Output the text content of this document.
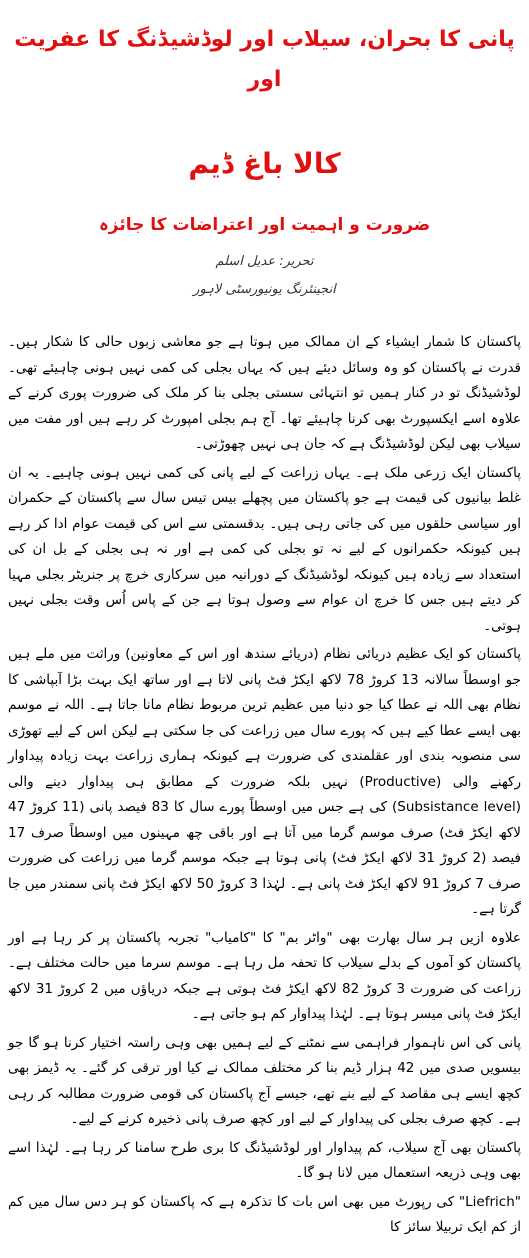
پانی کا بحران، سیلاب اور لوڈشیڈنگ کا عفریت اور
کالا باغ ڈیم
ضرورت و اہمیت اور اعتراضات کا جائزہ

تحریر: عدیل اسلم

انجینئرنگ یونیورسٹی لاہور

پاکستان کا شمار ایشیاء کے ان ممالک میں ہوتا ہے جو معاشی زبوں حالی کا شکار ہیں۔ قدرت نے پاکستان کو وہ وسائل دیئے ہیں کہ یہاں بجلی کی کمی نہیں ہونی چاہیئے تھی۔ لوڈشیڈنگ تو در کنار ہمیں تو انتہائی سستی بجلی بنا کر ملک کی ضرورت پوری کرنے کے علاوہ اسے ایکسپورٹ بھی کرنا چاہیئے تھا۔ آج ہم بجلی امپورٹ کر رہے ہیں اور مفت میں سیلاب بھی لیکن لوڈشیڈنگ ہے کہ جان ہی نہیں چھوڑتی۔

پاکستان ایک زرعی ملک ہے۔ یہاں زراعت کے لیے پانی کی کمی نہیں ہونی چاہیے۔ یہ ان غلط بیانیوں کی قیمت ہے جو پاکستان میں پچھلے بیس تیس سال سے پاکستان کے حکمران اور سیاسی حلقوں میں کی جاتی رہی ہیں۔ بدقسمتی سے اس کی قیمت عوام ادا کر رہے ہیں کیونکہ حکمرانوں کے لیے نہ تو بجلی کی کمی ہے اور نہ ہی بجلی کے بل ان کی استعداد سے زیادہ ہیں کیونکہ لوڈشیڈنگ کے دورانیہ میں سرکاری خرچ پر جنریٹر بجلی مہیا کر دیتے ہیں جس کا خرچ ان عوام سے وصول ہوتا ہے جن کے پاس اُس وقت بجلی نہیں ہوتی۔

پاکستان کو ایک عظیم دریائی نظام (دریائے سندھ اور اس کے معاونین) وراثت میں ملے ہیں جو اوسطاً سالانہ 13 کروڑ 78 لاکھ ایکڑ فٹ پانی لاتا ہے اور ساتھ ایک بہت بڑا آبپاشی کا نظام بھی اللہ نے عطا کیا جو دنیا میں عظیم ترین مربوط نظام مانا جاتا ہے۔ اللہ نے موسم بھی ایسے عطا کیے ہیں کہ پورے سال میں زراعت کی جا سکتی ہے لیکن اس کے لیے تھوڑی سی منصوبہ بندی اور عقلمندی کی ضرورت ہے کیونکہ ہماری زراعت بہت زیادہ پیداوار رکھنے والی (Productive) نہیں بلکہ ضرورت کے مطابق ہی پیداوار دینے والی (Subsistance level) کی ہے جس میں اوسطاً پورے سال کا 83 فیصد پانی (11 کروڑ 47 لاکھ ایکڑ فٹ) صرف موسم گرما میں آتا ہے اور باقی چھ مہینوں میں اوسطاً صرف 17 فیصد (2 کروڑ 31 لاکھ ایکڑ فٹ) پانی ہوتا ہے جبکہ موسم گرما میں زراعت کی ضرورت صرف 7 کروڑ 91 لاکھ ایکڑ فٹ پانی ہے۔ لہٰذا 3 کروڑ 50 لاکھ ایکڑ فٹ پانی سمندر میں جا گرتا ہے۔

علاوہ ازیں ہر سال بھارت بھی "واٹر بم" کا "کامیاب" تجربہ پاکستان پر کر رہا ہے اور پاکستان کو آموں کے بدلے سیلاب کا تحفہ مل رہا ہے۔ موسم سرما میں حالت مختلف ہے۔ زراعت کی ضرورت 3 کروڑ 82 لاکھ ایکڑ فٹ ہوتی ہے جبکہ دریاؤں میں 2 کروڑ 31 لاکھ ایکڑ فٹ پانی میسر ہوتا ہے۔ لہٰذا پیداوار کم ہو جاتی ہے۔

پانی کی اس ناہموار فراہمی سے نمٹنے کے لیے ہمیں بھی وہی راستہ اختیار کرنا ہو گا جو بیسویں صدی میں 42 ہزار ڈیم بنا کر مختلف ممالک نے کیا اور ترقی کر گئے۔ یہ ڈیمز بھی کچھ ایسے ہی مقاصد کے لیے بنے تھے، جیسے آج پاکستان کی قومی ضرورت مطالبہ کر رہی ہے۔ کچھ صرف بجلی کی پیداوار کے لیے اور کچھ صرف پانی ذخیرہ کرنے کے لیے۔

پاکستان بھی آج سیلاب، کم پیداوار اور لوڈشیڈنگ کا بری طرح سامنا کر رہا ہے۔ لہٰذا اسے بھی وہی ذریعہ استعمال میں لانا ہو گا۔

"Liefrich" کی رپورٹ میں بھی اس بات کا تذکرہ ہے کہ پاکستان کو ہر دس سال میں کم از کم ایک تربیلا سائز کا
